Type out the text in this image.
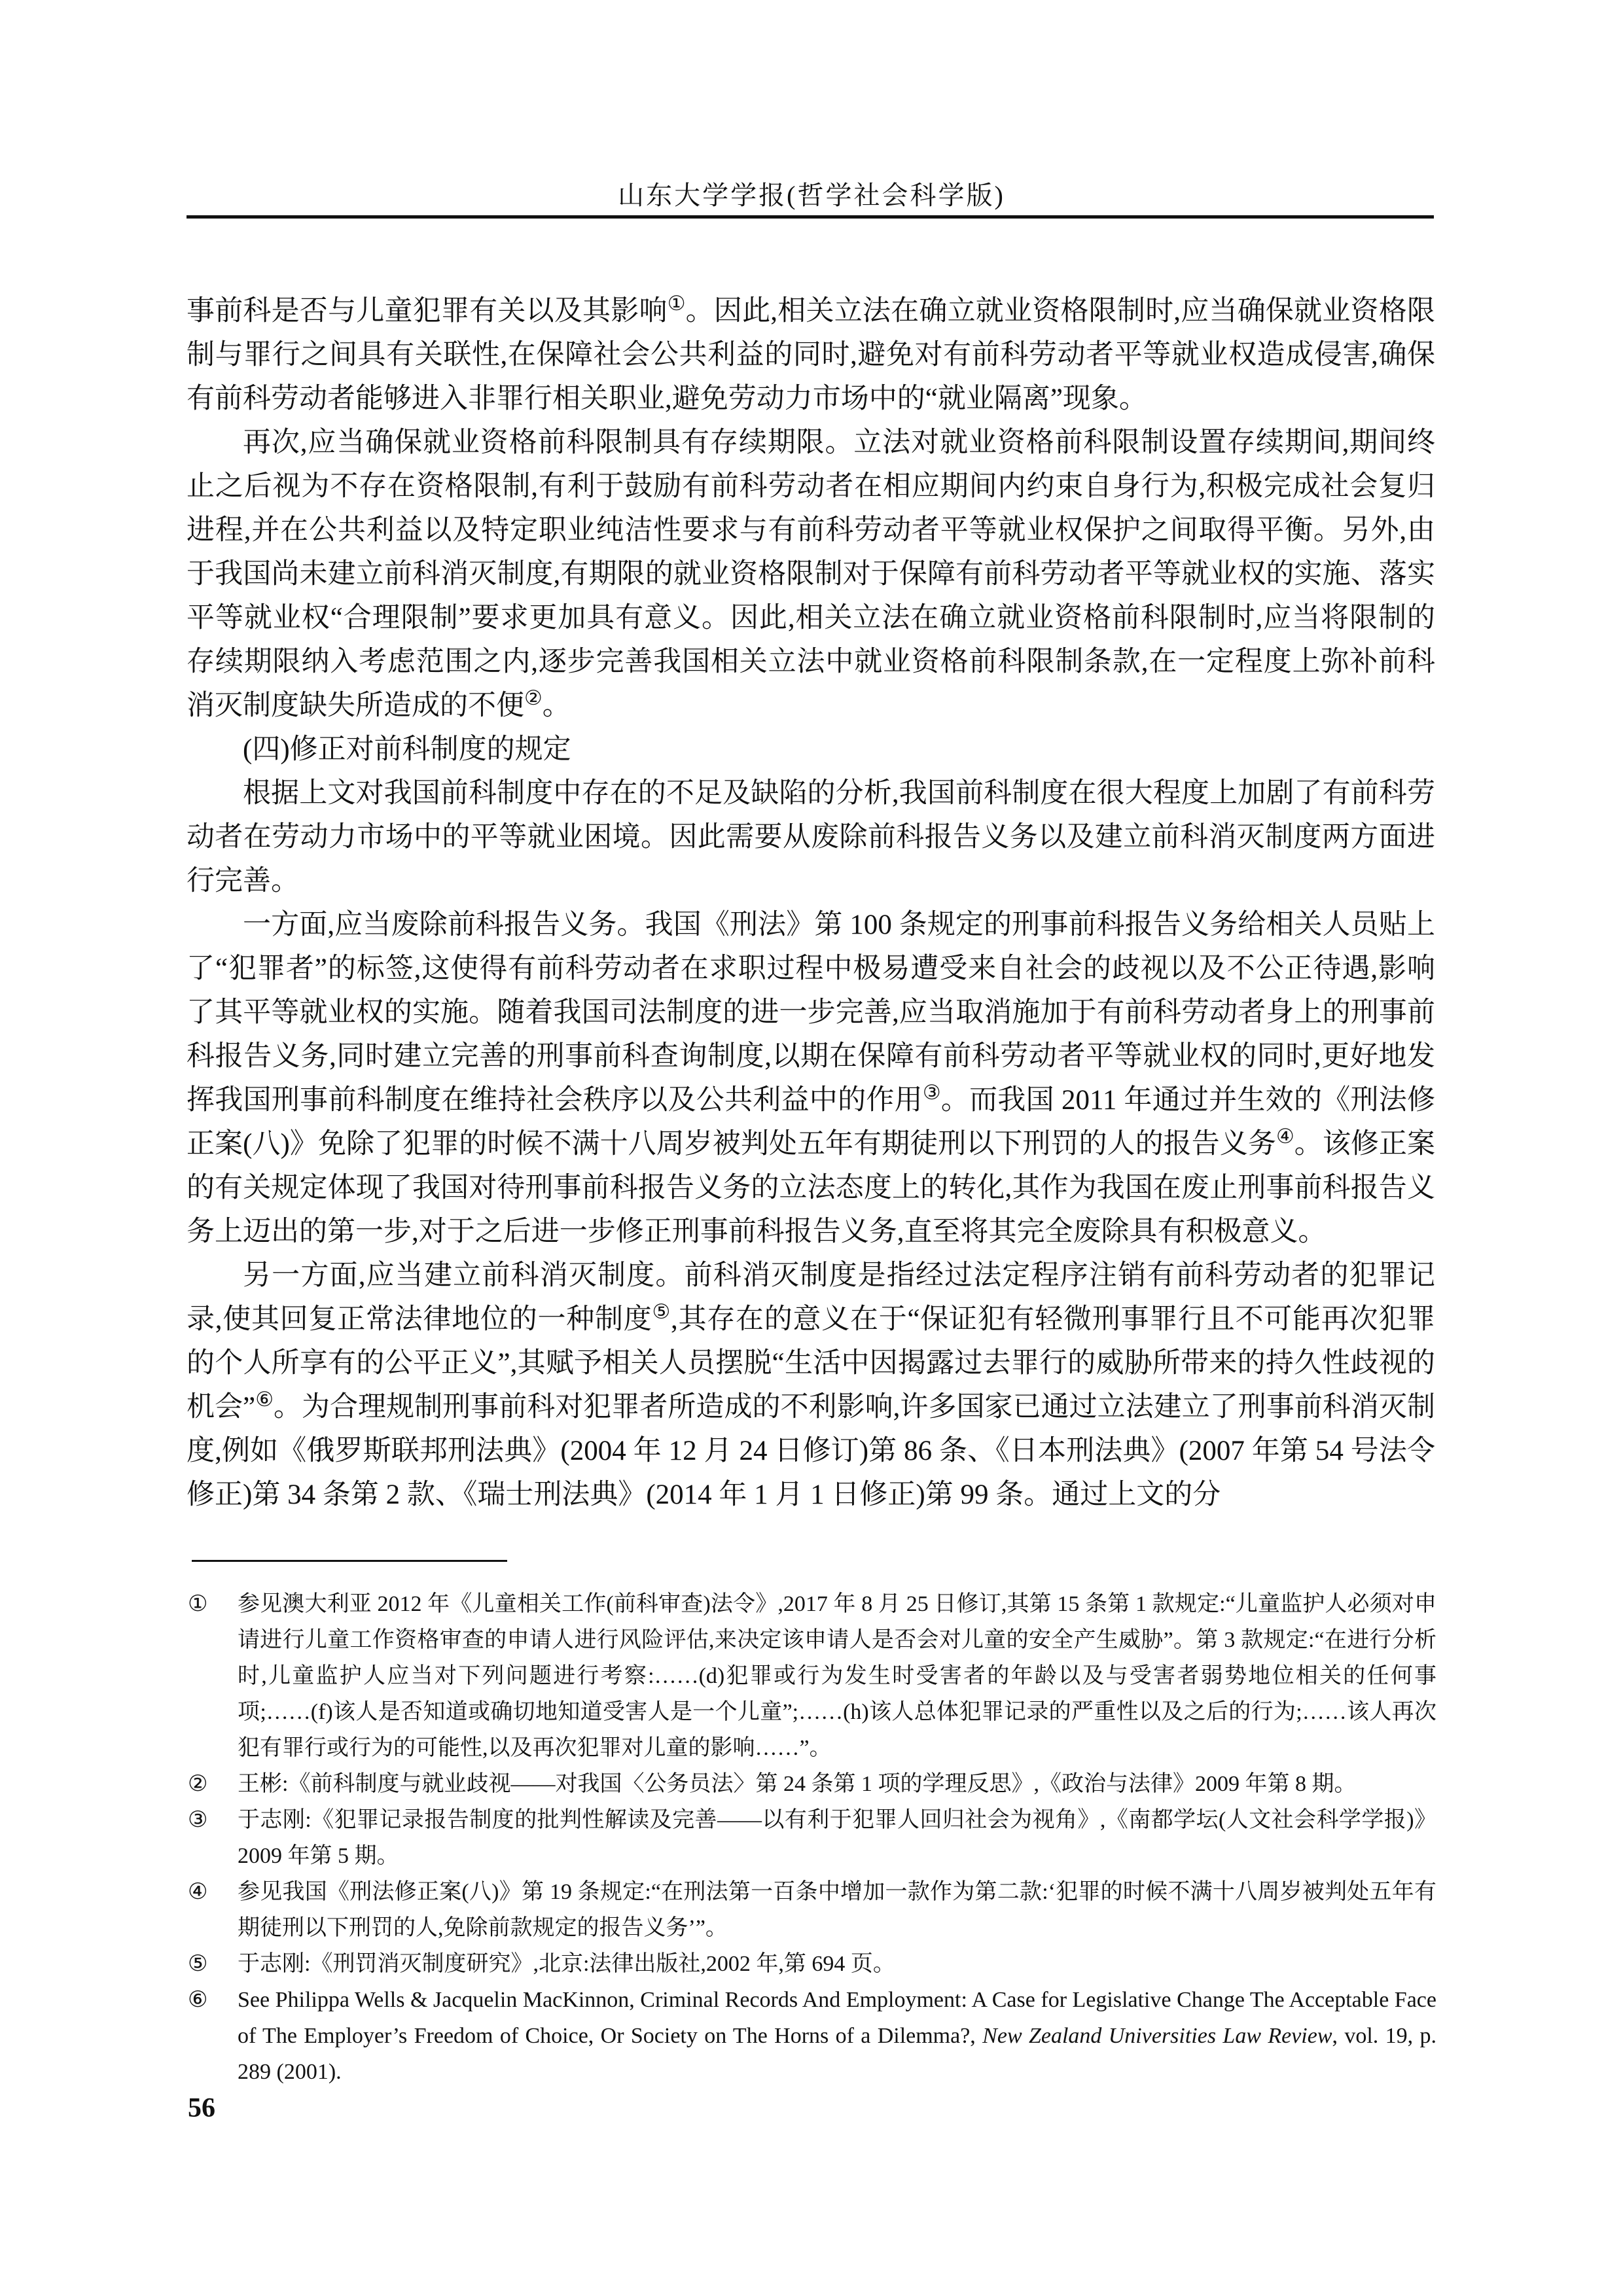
山东大学学报(哲学社会科学版)

事前科是否与儿童犯罪有关以及其影响①。因此,相关立法在确立就业资格限制时,应当确保就业资格限制与罪行之间具有关联性,在保障社会公共利益的同时,避免对有前科劳动者平等就业权造成侵害,确保有前科劳动者能够进入非罪行相关职业,避免劳动力市场中的“就业隔离”现象。

再次,应当确保就业资格前科限制具有存续期限。立法对就业资格前科限制设置存续期间,期间终止之后视为不存在资格限制,有利于鼓励有前科劳动者在相应期间内约束自身行为,积极完成社会复归进程,并在公共利益以及特定职业纯洁性要求与有前科劳动者平等就业权保护之间取得平衡。另外,由于我国尚未建立前科消灭制度,有期限的就业资格限制对于保障有前科劳动者平等就业权的实施、落实平等就业权“合理限制”要求更加具有意义。因此,相关立法在确立就业资格前科限制时,应当将限制的存续期限纳入考虑范围之内,逐步完善我国相关立法中就业资格前科限制条款,在一定程度上弥补前科消灭制度缺失所造成的不便②。

(四)修正对前科制度的规定

根据上文对我国前科制度中存在的不足及缺陷的分析,我国前科制度在很大程度上加剧了有前科劳动者在劳动力市场中的平等就业困境。因此需要从废除前科报告义务以及建立前科消灭制度两方面进行完善。

一方面,应当废除前科报告义务。我国《刑法》第 100 条规定的刑事前科报告义务给相关人员贴上了“犯罪者”的标签,这使得有前科劳动者在求职过程中极易遭受来自社会的歧视以及不公正待遇,影响了其平等就业权的实施。随着我国司法制度的进一步完善,应当取消施加于有前科劳动者身上的刑事前科报告义务,同时建立完善的刑事前科查询制度,以期在保障有前科劳动者平等就业权的同时,更好地发挥我国刑事前科制度在维持社会秩序以及公共利益中的作用③。而我国 2011 年通过并生效的《刑法修正案(八)》免除了犯罪的时候不满十八周岁被判处五年有期徒刑以下刑罚的人的报告义务④。该修正案的有关规定体现了我国对待刑事前科报告义务的立法态度上的转化,其作为我国在废止刑事前科报告义务上迈出的第一步,对于之后进一步修正刑事前科报告义务,直至将其完全废除具有积极意义。

另一方面,应当建立前科消灭制度。前科消灭制度是指经过法定程序注销有前科劳动者的犯罪记录,使其回复正常法律地位的一种制度⑤,其存在的意义在于“保证犯有轻微刑事罪行且不可能再次犯罪的个人所享有的公平正义”,其赋予相关人员摆脱“生活中因揭露过去罪行的威胁所带来的持久性歧视的机会”⑥。为合理规制刑事前科对犯罪者所造成的不利影响,许多国家已通过立法建立了刑事前科消灭制度,例如《俄罗斯联邦刑法典》(2004 年 12 月 24 日修订)第 86 条、《日本刑法典》(2007 年第 54 号法令修正)第 34 条第 2 款、《瑞士刑法典》(2014 年 1 月 1 日修正)第 99 条。通过上文的分

① 参见澳大利亚 2012 年《儿童相关工作(前科审查)法令》,2017 年 8 月 25 日修订,其第 15 条第 1 款规定:“儿童监护人必须对申请进行儿童工作资格审查的申请人进行风险评估,来决定该申请人是否会对儿童的安全产生威胁”。第 3 款规定:“在进行分析时,儿童监护人应当对下列问题进行考察:……(d)犯罪或行为发生时受害者的年龄以及与受害者弱势地位相关的任何事项;……(f)该人是否知道或确切地知道受害人是一个儿童”;……(h)该人总体犯罪记录的严重性以及之后的行为;……该人再次犯有罪行或行为的可能性,以及再次犯罪对儿童的影响……”。

② 王彬:《前科制度与就业歧视——对我国〈公务员法〉第 24 条第 1 项的学理反思》,《政治与法律》2009 年第 8 期。

③ 于志刚:《犯罪记录报告制度的批判性解读及完善——以有利于犯罪人回归社会为视角》,《南都学坛(人文社会科学学报)》2009 年第 5 期。

④ 参见我国《刑法修正案(八)》第 19 条规定:“在刑法第一百条中增加一款作为第二款:‘犯罪的时候不满十八周岁被判处五年有期徒刑以下刑罚的人,免除前款规定的报告义务’”。

⑤ 于志刚:《刑罚消灭制度研究》,北京:法律出版社,2002 年,第 694 页。

⑥ See Philippa Wells & Jacquelin MacKinnon, Criminal Records And Employment: A Case for Legislative Change The Acceptable Face of The Employer’s Freedom of Choice, Or Society on The Horns of a Dilemma?, New Zealand Universities Law Review, vol. 19, p. 289 (2001).

56
